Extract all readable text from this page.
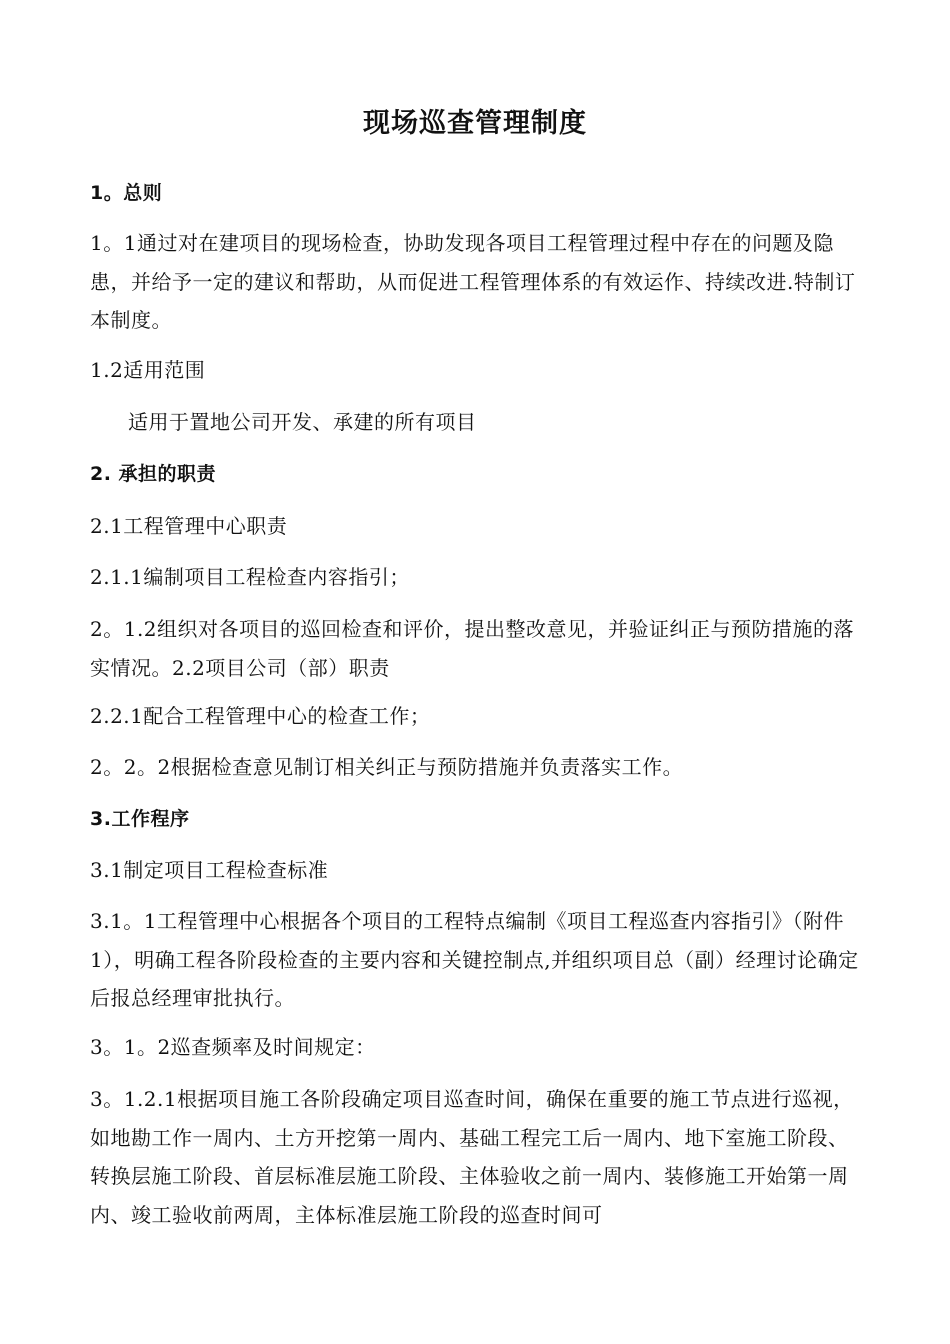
现场巡查管理制度

1。总则

1。1通过对在建项目的现场检查，协助发现各项目工程管理过程中存在的问题及隐患，并给予一定的建议和帮助，从而促进工程管理体系的有效运作、持续改进.特制订本制度。

1.2适用范围

适用于置地公司开发、承建的所有项目

2. 承担的职责

2.1工程管理中心职责

2.1.1编制项目工程检查内容指引；

2。1.2组织对各项目的巡回检查和评价，提出整改意见，并验证纠正与预防措施的落实情况。2.2项目公司（部）职责

2.2.1配合工程管理中心的检查工作；

2。2。2根据检查意见制订相关纠正与预防措施并负责落实工作。

3.工作程序

3.1制定项目工程检查标准

3.1。1工程管理中心根据各个项目的工程特点编制《项目工程巡查内容指引》（附件1），明确工程各阶段检查的主要内容和关键控制点,并组织项目总（副）经理讨论确定后报总经理审批执行。

3。1。2巡查频率及时间规定：

3。1.2.1根据项目施工各阶段确定项目巡查时间，确保在重要的施工节点进行巡视，如地勘工作一周内、土方开挖第一周内、基础工程完工后一周内、地下室施工阶段、转换层施工阶段、首层标准层施工阶段、主体验收之前一周内、装修施工开始第一周内、竣工验收前两周，主体标准层施工阶段的巡查时间可
